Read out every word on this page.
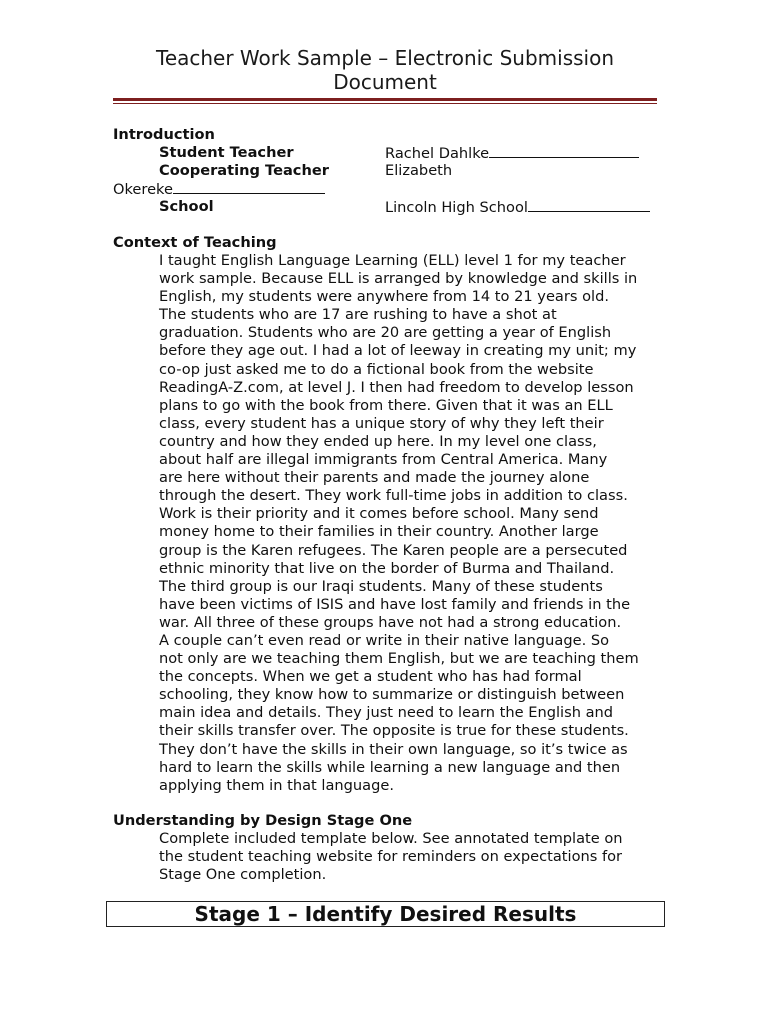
Teacher Work Sample – Electronic Submission
Document
Introduction
Student Teacher	Rachel Dahlke
Cooperating Teacher	Elizabeth
Okereke
School	Lincoln High School
Context of Teaching
I taught English Language Learning (ELL) level 1 for my teacher
work sample. Because ELL is arranged by knowledge and skills in
English, my students were anywhere from 14 to 21 years old.
The students who are 17 are rushing to have a shot at
graduation. Students who are 20 are getting a year of English
before they age out. I had a lot of leeway in creating my unit; my
co-op just asked me to do a fictional book from the website
ReadingA-Z.com, at level J. I then had freedom to develop lesson
plans to go with the book from there. Given that it was an ELL
class, every student has a unique story of why they left their
country and how they ended up here. In my level one class,
about half are illegal immigrants from Central America. Many
are here without their parents and made the journey alone
through the desert. They work full-time jobs in addition to class.
Work is their priority and it comes before school. Many send
money home to their families in their country. Another large
group is the Karen refugees. The Karen people are a persecuted
ethnic minority that live on the border of Burma and Thailand.
The third group is our Iraqi students. Many of these students
have been victims of ISIS and have lost family and friends in the
war. All three of these groups have not had a strong education.
A couple can’t even read or write in their native language. So
not only are we teaching them English, but we are teaching them
the concepts. When we get a student who has had formal
schooling, they know how to summarize or distinguish between
main idea and details. They just need to learn the English and
their skills transfer over. The opposite is true for these students.
They don’t have the skills in their own language, so it’s twice as
hard to learn the skills while learning a new language and then
applying them in that language.
Understanding by Design Stage One
Complete included template below. See annotated template on
the student teaching website for reminders on expectations for
Stage One completion.
Stage 1 – Identify Desired Results
